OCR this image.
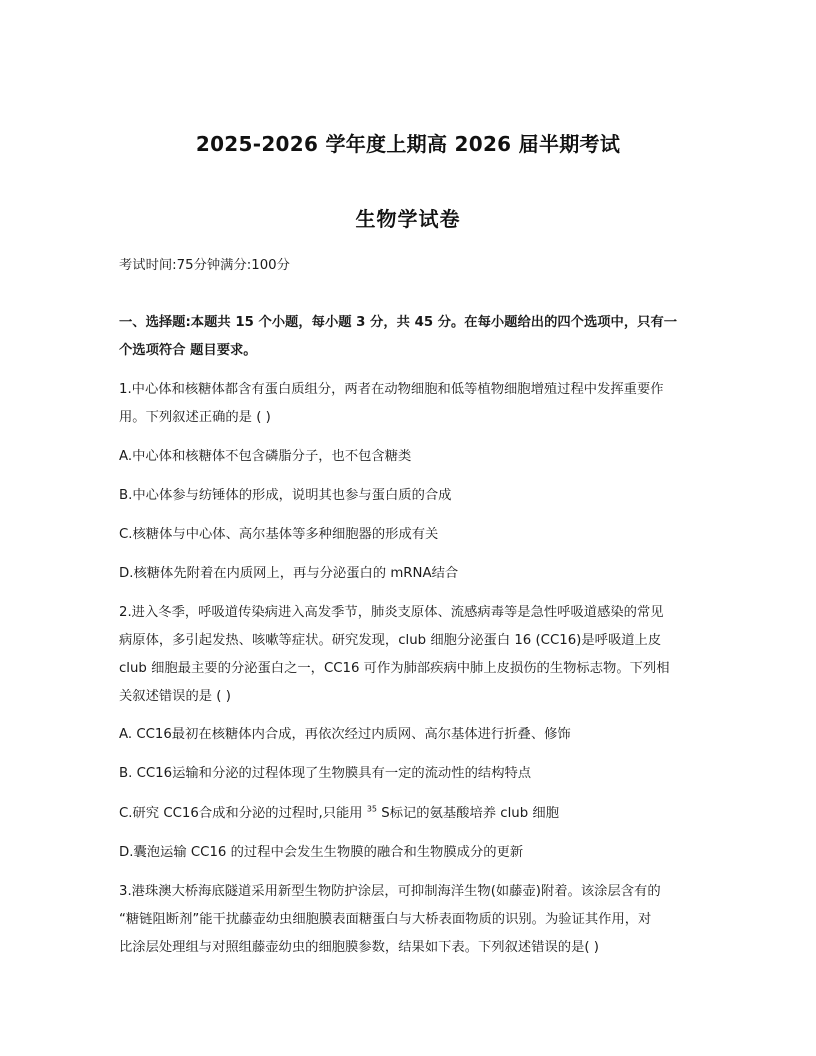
2025-2026 学年度上期高 2026 届半期考试
生物学试卷
考试时间:75分钟满分:100分
一、选择题:本题共 15 个小题，每小题 3 分，共 45 分。在每小题给出的四个选项中，只有一
个选项符合 题目要求。
1.中心体和核糖体都含有蛋白质组分，两者在动物细胞和低等植物细胞增殖过程中发挥重要作
用。下列叙述正确的是 ( )
A.中心体和核糖体不包含磷脂分子，也不包含糖类
B.中心体参与纺锤体的形成，说明其也参与蛋白质的合成
C.核糖体与中心体、高尔基体等多种细胞器的形成有关
D.核糖体先附着在内质网上，再与分泌蛋白的 mRNA结合
2.进入冬季，呼吸道传染病进入高发季节，肺炎支原体、流感病毒等是急性呼吸道感染的常见
病原体，多引起发热、咳嗽等症状。研究发现，club 细胞分泌蛋白 16 (CC16)是呼吸道上皮
club 细胞最主要的分泌蛋白之一，CC16 可作为肺部疾病中肺上皮损伤的生物标志物。下列相
关叙述错误的是 ( )
A. CC16最初在核糖体内合成，再依次经过内质网、高尔基体进行折叠、修饰
B. CC16运输和分泌的过程体现了生物膜具有一定的流动性的结构特点
C.研究 CC16合成和分泌的过程时,只能用 $^{35}$ S标记的氨基酸培养 club 细胞
D.囊泡运输 CC16 的过程中会发生生物膜的融合和生物膜成分的更新
3.港珠澳大桥海底隧道采用新型生物防护涂层，可抑制海洋生物(如藤壶)附着。该涂层含有的
“糖链阻断剂”能干扰藤壶幼虫细胞膜表面糖蛋白与大桥表面物质的识别。为验证其作用，对
比涂层处理组与对照组藤壶幼虫的细胞膜参数，结果如下表。下列叙述错误的是( )
